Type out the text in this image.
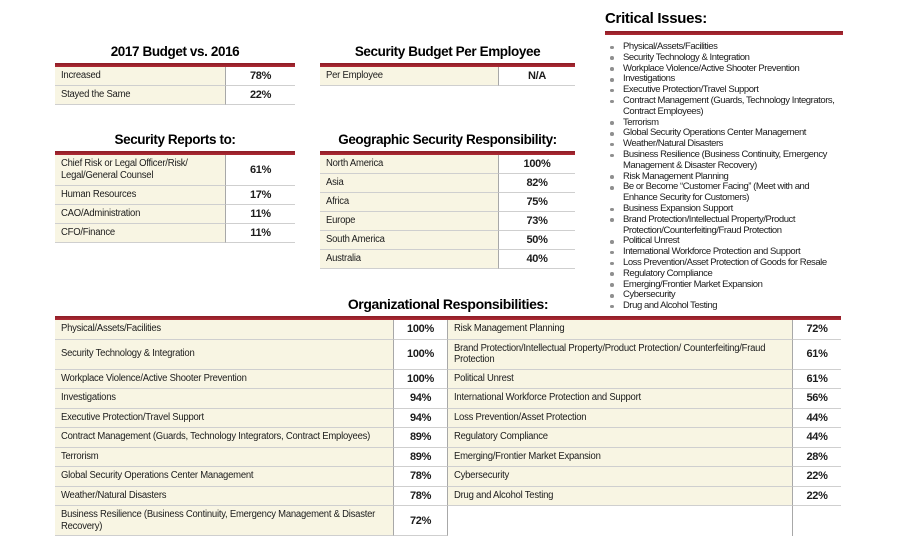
2017 Budget vs. 2016
Increased	78%
Stayed the Same	22%
Security Budget Per Employee
Per Employee	N/A
Security Reports to:
Chief Risk or Legal Officer/Risk/ Legal/General Counsel	61%
Human Resources	17%
CAO/Administration	11%
CFO/Finance	11%
Geographic Security Responsibility:
North America	100%
Asia	82%
Africa	75%
Europe	73%
South America	50%
Australia	40%
Critical Issues:
Physical/Assets/Facilities
Security Technology & Integration
Workplace Violence/Active Shooter Prevention
Investigations
Executive Protection/Travel Support
Contract Management (Guards, Technology Integrators, Contract Employees)
Terrorism
Global Security Operations Center Management
Weather/Natural Disasters
Business Resilience (Business Continuity, Emergency Management & Disaster Recovery)
Risk Management Planning
Be or Become “Customer Facing” (Meet with and Enhance Security for Customers)
Business Expansion Support
Brand Protection/Intellectual Property/Product Protection/Counterfeiting/Fraud Protection
Political Unrest
International Workforce Protection and Support
Loss Prevention/Asset Protection of Goods for Resale
Regulatory Compliance
Emerging/Frontier Market Expansion
Cybersecurity
Drug and Alcohol Testing
Organizational Responsibilities:
Physical/Assets/Facilities	100%	Risk Management Planning	72%
Security Technology & Integration	100%	Brand Protection/Intellectual Property/Product Protection/ Counterfeiting/Fraud Protection	61%
Workplace Violence/Active Shooter Prevention	100%	Political Unrest	61%
Investigations	94%	International Workforce Protection and Support	56%
Executive Protection/Travel Support	94%	Loss Prevention/Asset Protection	44%
Contract Management (Guards, Technology Integrators, Contract Employees)	89%	Regulatory Compliance	44%
Terrorism	89%	Emerging/Frontier Market Expansion	28%
Global Security Operations Center Management	78%	Cybersecurity	22%
Weather/Natural Disasters	78%	Drug and Alcohol Testing	22%
Business Resilience (Business Continuity, Emergency Management & Disaster Recovery)	72%
